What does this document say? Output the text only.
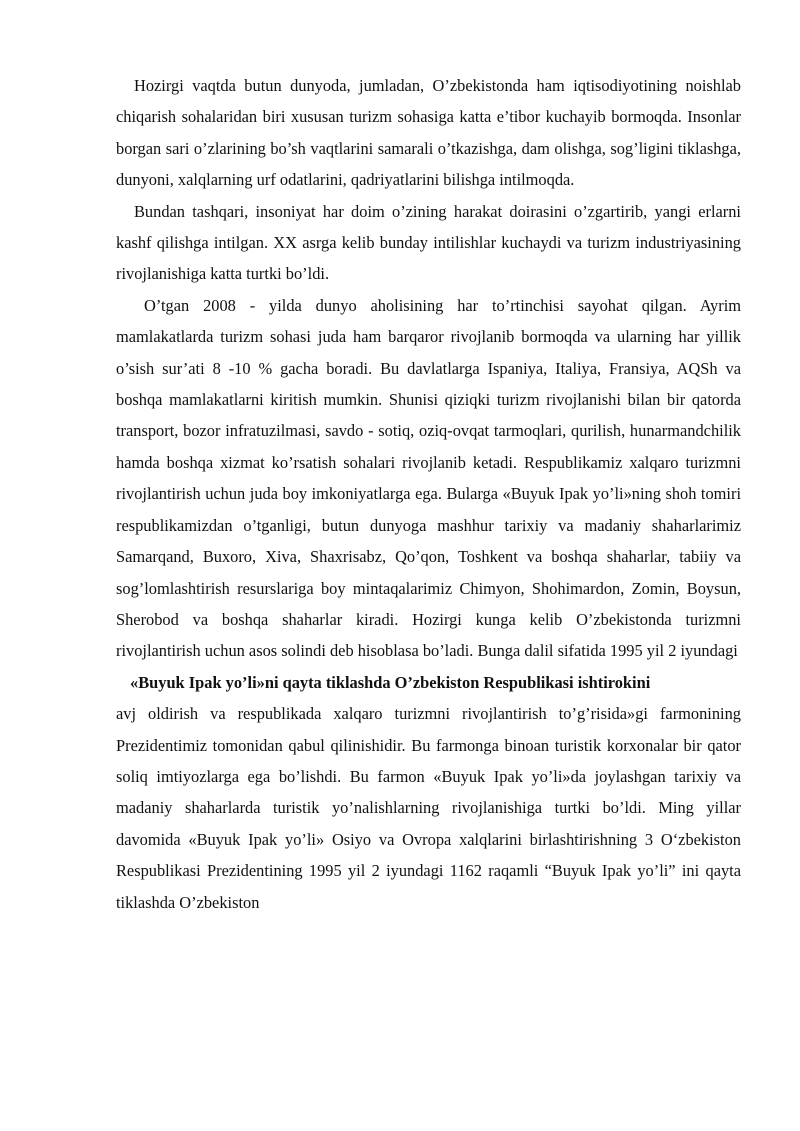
Hozirgi vaqtda butun dunyoda, jumladan, O’zbekistonda ham iqtisodiyotining noishlab chiqarish sohalaridan biri xususan turizm sohasiga katta e’tibor kuchayib bormoqda. Insonlar borgan sari o’zlarining bo’sh vaqtlarini samarali o’tkazishga, dam olishga, sog’ligini tiklashga, dunyoni, xalqlarning urf odatlarini, qadriyatlarini bilishga intilmoqda.

Bundan tashqari, insoniyat har doim o’zining harakat doirasini o’zgartirib, yangi erlarni kashf qilishga intilgan. XX asrga kelib bunday intilishlar kuchaydi va turizm industriyasining rivojlanishiga katta turtki bo’ldi.

O’tgan 2008 - yilda dunyo aholisining har to’rtinchisi sayohat qilgan. Ayrim mamlakatlarda turizm sohasi juda ham barqaror rivojlanib bormoqda va ularning har yillik o’sish sur’ati 8 -10 % gacha boradi. Bu davlatlarga Ispaniya, Italiya, Fransiya, AQSh va boshqa mamlakatlarni kiritish mumkin. Shunisi qiziqki turizm rivojlanishi bilan bir qatorda transport, bozor infratuzilmasi, savdo - sotiq, oziq-ovqat tarmoqlari, qurilish, hunarmandchilik hamda boshqa xizmat ko’rsatish sohalari rivojlanib ketadi. Respublikamiz xalqaro turizmni rivojlantirish uchun juda boy imkoniyatlarga ega. Bularga «Buyuk Ipak yo’li»ning shoh tomiri respublikamizdan o’tganligi, butun dunyoga mashhur tarixiy va madaniy shaharlarimiz Samarqand, Buxoro, Xiva, Shaxrisabz, Qo’qon, Toshkent va boshqa shaharlar, tabiiy va sog’lomlashtirish resurslariga boy mintaqalarimiz Chimyon, Shohimardon, Zomin, Boysun, Sherobod va boshqa shaharlar kiradi. Hozirgi kunga kelib O’zbekistonda turizmni rivojlantirish uchun asos solindi deb hisoblasa bo’ladi. Bunga dalil sifatida 1995 yil 2 iyundagi

«Buyuk Ipak yo’li»ni qayta tiklashda O’zbekiston Respublikasi ishtirokini

avj oldirish va respublikada xalqaro turizmni rivojlantirish to’g’risida»gi farmonining Prezidentimiz tomonidan qabul qilinishidir. Bu farmonga binoan turistik korxonalar bir qator soliq imtiyozlarga ega bo’lishdi. Bu farmon «Buyuk Ipak yo’li»da joylashgan tarixiy va madaniy shaharlarda turistik yo’nalishlarning rivojlanishiga turtki bo’ldi. Ming yillar davomida «Buyuk Ipak yo’li» Osiyo va Ovropa xalqlarini birlashtirishning 3 O‘zbekiston Respublikasi Prezidentining 1995 yil 2 iyundagi 1162 raqamli “Buyuk Ipak yo’li” ini qayta tiklashda O’zbekiston
